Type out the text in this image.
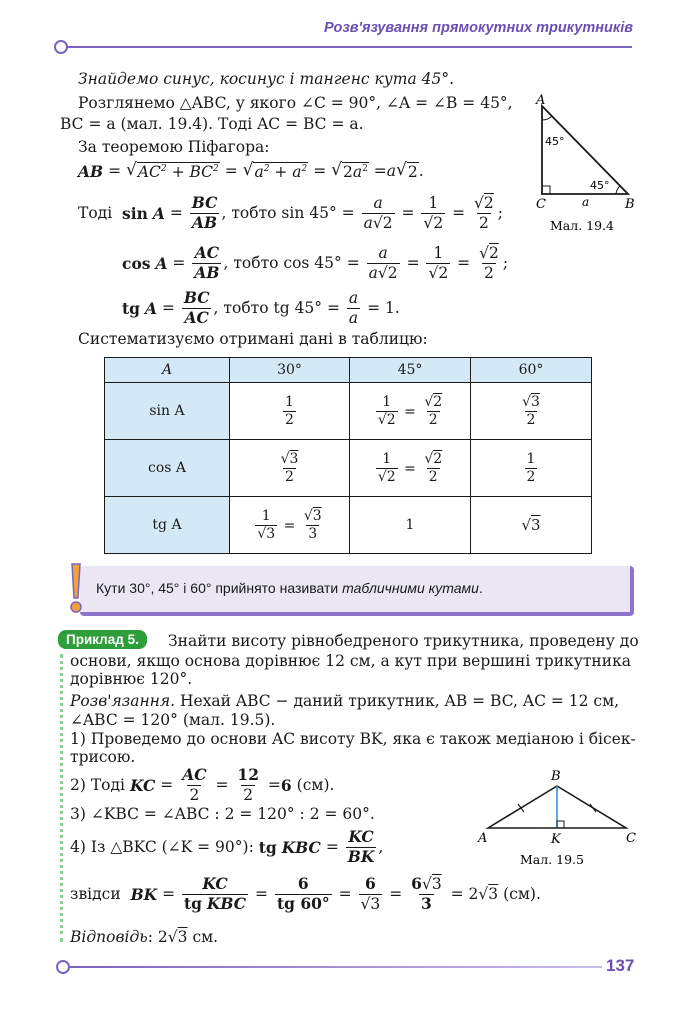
Розв'язування прямокутних трикутників
Знайдемо синус, косинус і тангенс кута 45°.
Розглянемо △ABC, у якого ∠C = 90°, ∠A = ∠B = 45°,
BC = a (мал. 19.4). Тоді AC = BC = a.
За теоремою Піфагора:
AB = √ $AC^2 + BC^2$ = √ $a^2 + a^2$ = √ $2a^2 = a$ √ 2 .
Тоді
sin
$A = \frac{BC}{AB}$ , тобто $\sin 45^\circ = \frac{a}{a√2} = \frac{1}{√2} = \frac{√2}{2}$ ;
cos
$A = \frac{AC}{AB}$ , тобто $\cos 45^\circ = \frac{a}{a√2} = \frac{1}{√2} = \frac{√2}{2}$ ;
tg
$A = \frac{BC}{AC}$ , тобто tg $45^\circ = \frac{a}{a} = 1$.
Систематизуємо отримані дані в таблицю:
A
C	B
a
45°
45°
Мал. 19.4
A	30°	45°	60°
sin A	$\frac{1}{2}$	$\frac{1}{√2} = \frac{√2}{2}$	$\frac{√3}{2}$

cos A	$\frac{√3}{2}$	$\frac{1}{√2} = \frac{√2}{2}$	$\frac{1}{2}$

tg A	$\frac{1}{√3} = \frac{√3}{3}$	1	√3
Кути 30°, 45° і 60° прийнято називати табличними кутами.
Приклад 5.	Знайти висоту рівнобедреного трикутника, проведену до
основи, якщо основа дорівнює 12 см, а кут при вершині трикутника
дорівнює 120°.
Розв'язання. Нехай ABC − даний трикутник, AB = BC, AC = 12 см,
∠ABC = 120° (мал. 19.5).
1) Проведемо до основи AC висоту BK, яка є також медіаною і бісек-
трисою.
2) Тоді
KC = $\frac{AC}{2} = \frac{12}{2} = 6$
(см).
3) ∠KBC = ∠ABC : 2 = 120° : 2 = 60°.
4) Із △BKC (∠K = 90°):
tg
KBC = $\frac{KC}{BK}$ ,
звідси
BK = $\frac{KC}{\text{tg KBC}} = \frac{6}{tg 60^\circ} = \frac{6}{√3} = \frac{6√3}{3} = 2√$ 3
(см).
Відповідь: 2√3 см.
B
A	C
K
Мал. 19.5
137
